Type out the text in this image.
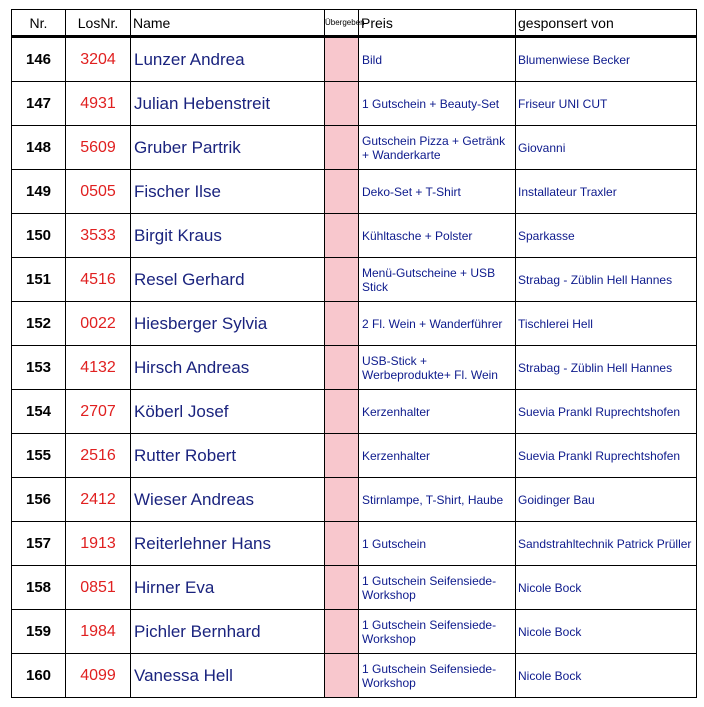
Nr.	LosNr.	Name	Übergeben	Preis	gesponsert von
146	3204	Lunzer Andrea		Bild	Blumenwiese Becker
147	4931	Julian Hebenstreit		1 Gutschein + Beauty-Set	Friseur UNI CUT
148	5609	Gruber Partrik		Gutschein Pizza + Getränk + Wanderkarte	Giovanni
149	0505	Fischer Ilse		Deko-Set + T-Shirt	Installateur Traxler
150	3533	Birgit Kraus		Kühltasche + Polster	Sparkasse
151	4516	Resel Gerhard		Menü-Gutscheine + USB Stick	Strabag - Züblin Hell Hannes
152	0022	Hiesberger Sylvia		2 Fl. Wein + Wanderführer	Tischlerei Hell
153	4132	Hirsch Andreas		USB-Stick + Werbeprodukte+ Fl. Wein	Strabag - Züblin Hell Hannes
154	2707	Köberl Josef		Kerzenhalter	Suevia Prankl Ruprechtshofen
155	2516	Rutter Robert		Kerzenhalter	Suevia Prankl Ruprechtshofen
156	2412	Wieser Andreas		Stirnlampe, T-Shirt, Haube	Goidinger Bau
157	1913	Reiterlehner Hans		1 Gutschein	Sandstrahltechnik Patrick Prüller
158	0851	Hirner Eva		1 Gutschein Seifensiede-Workshop	Nicole Bock
159	1984	Pichler Bernhard		1 Gutschein Seifensiede-Workshop	Nicole Bock
160	4099	Vanessa Hell		1 Gutschein Seifensiede-Workshop	Nicole Bock
